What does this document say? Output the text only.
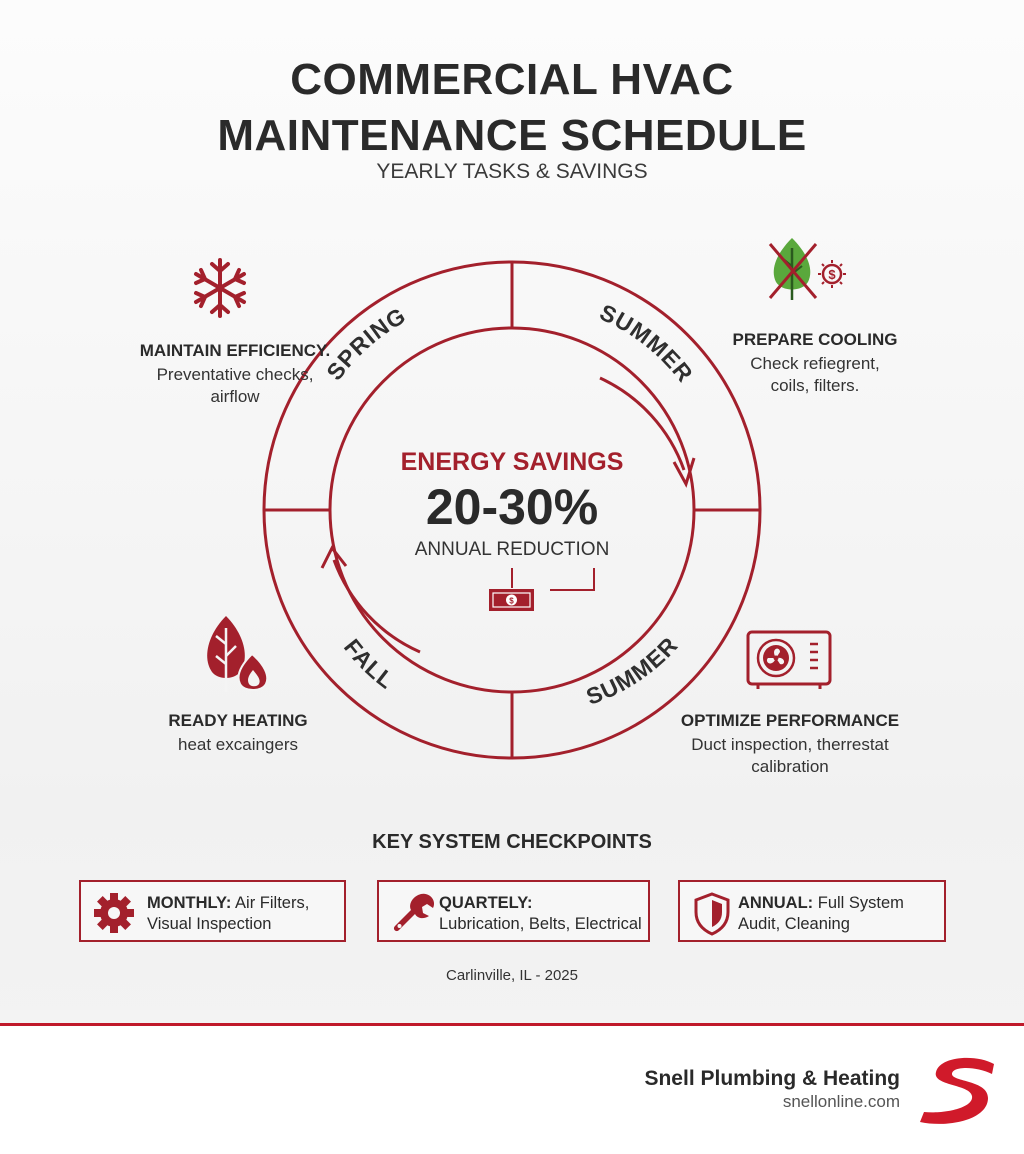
COMMERCIAL HVAC
MAINTENANCE SCHEDULE
YEARLY TASKS & SAVINGS
SPRING	SUMMER
SUMMER
FALL
$
ENERGY SAVINGS
20-30%
ANNUAL REDUCTION
MAINTAIN EFFICIENCY.
Preventative checks, airflow
$
PREPARE COOLING
Check refiegrent, coils, filters.
READY HEATING
heat excaingers
OPTIMIZE PERFORMANCE
Duct inspection, therrestat calibration
KEY SYSTEM CHECKPOINTS
MONTHLY: Air Filters, Visual Inspection
QUARTELY:
Lubrication, Belts, Electrical
ANNUAL: Full System Audit, Cleaning
Carlinville, IL - 2025
Snell Plumbing & Heating
snellonline.com
